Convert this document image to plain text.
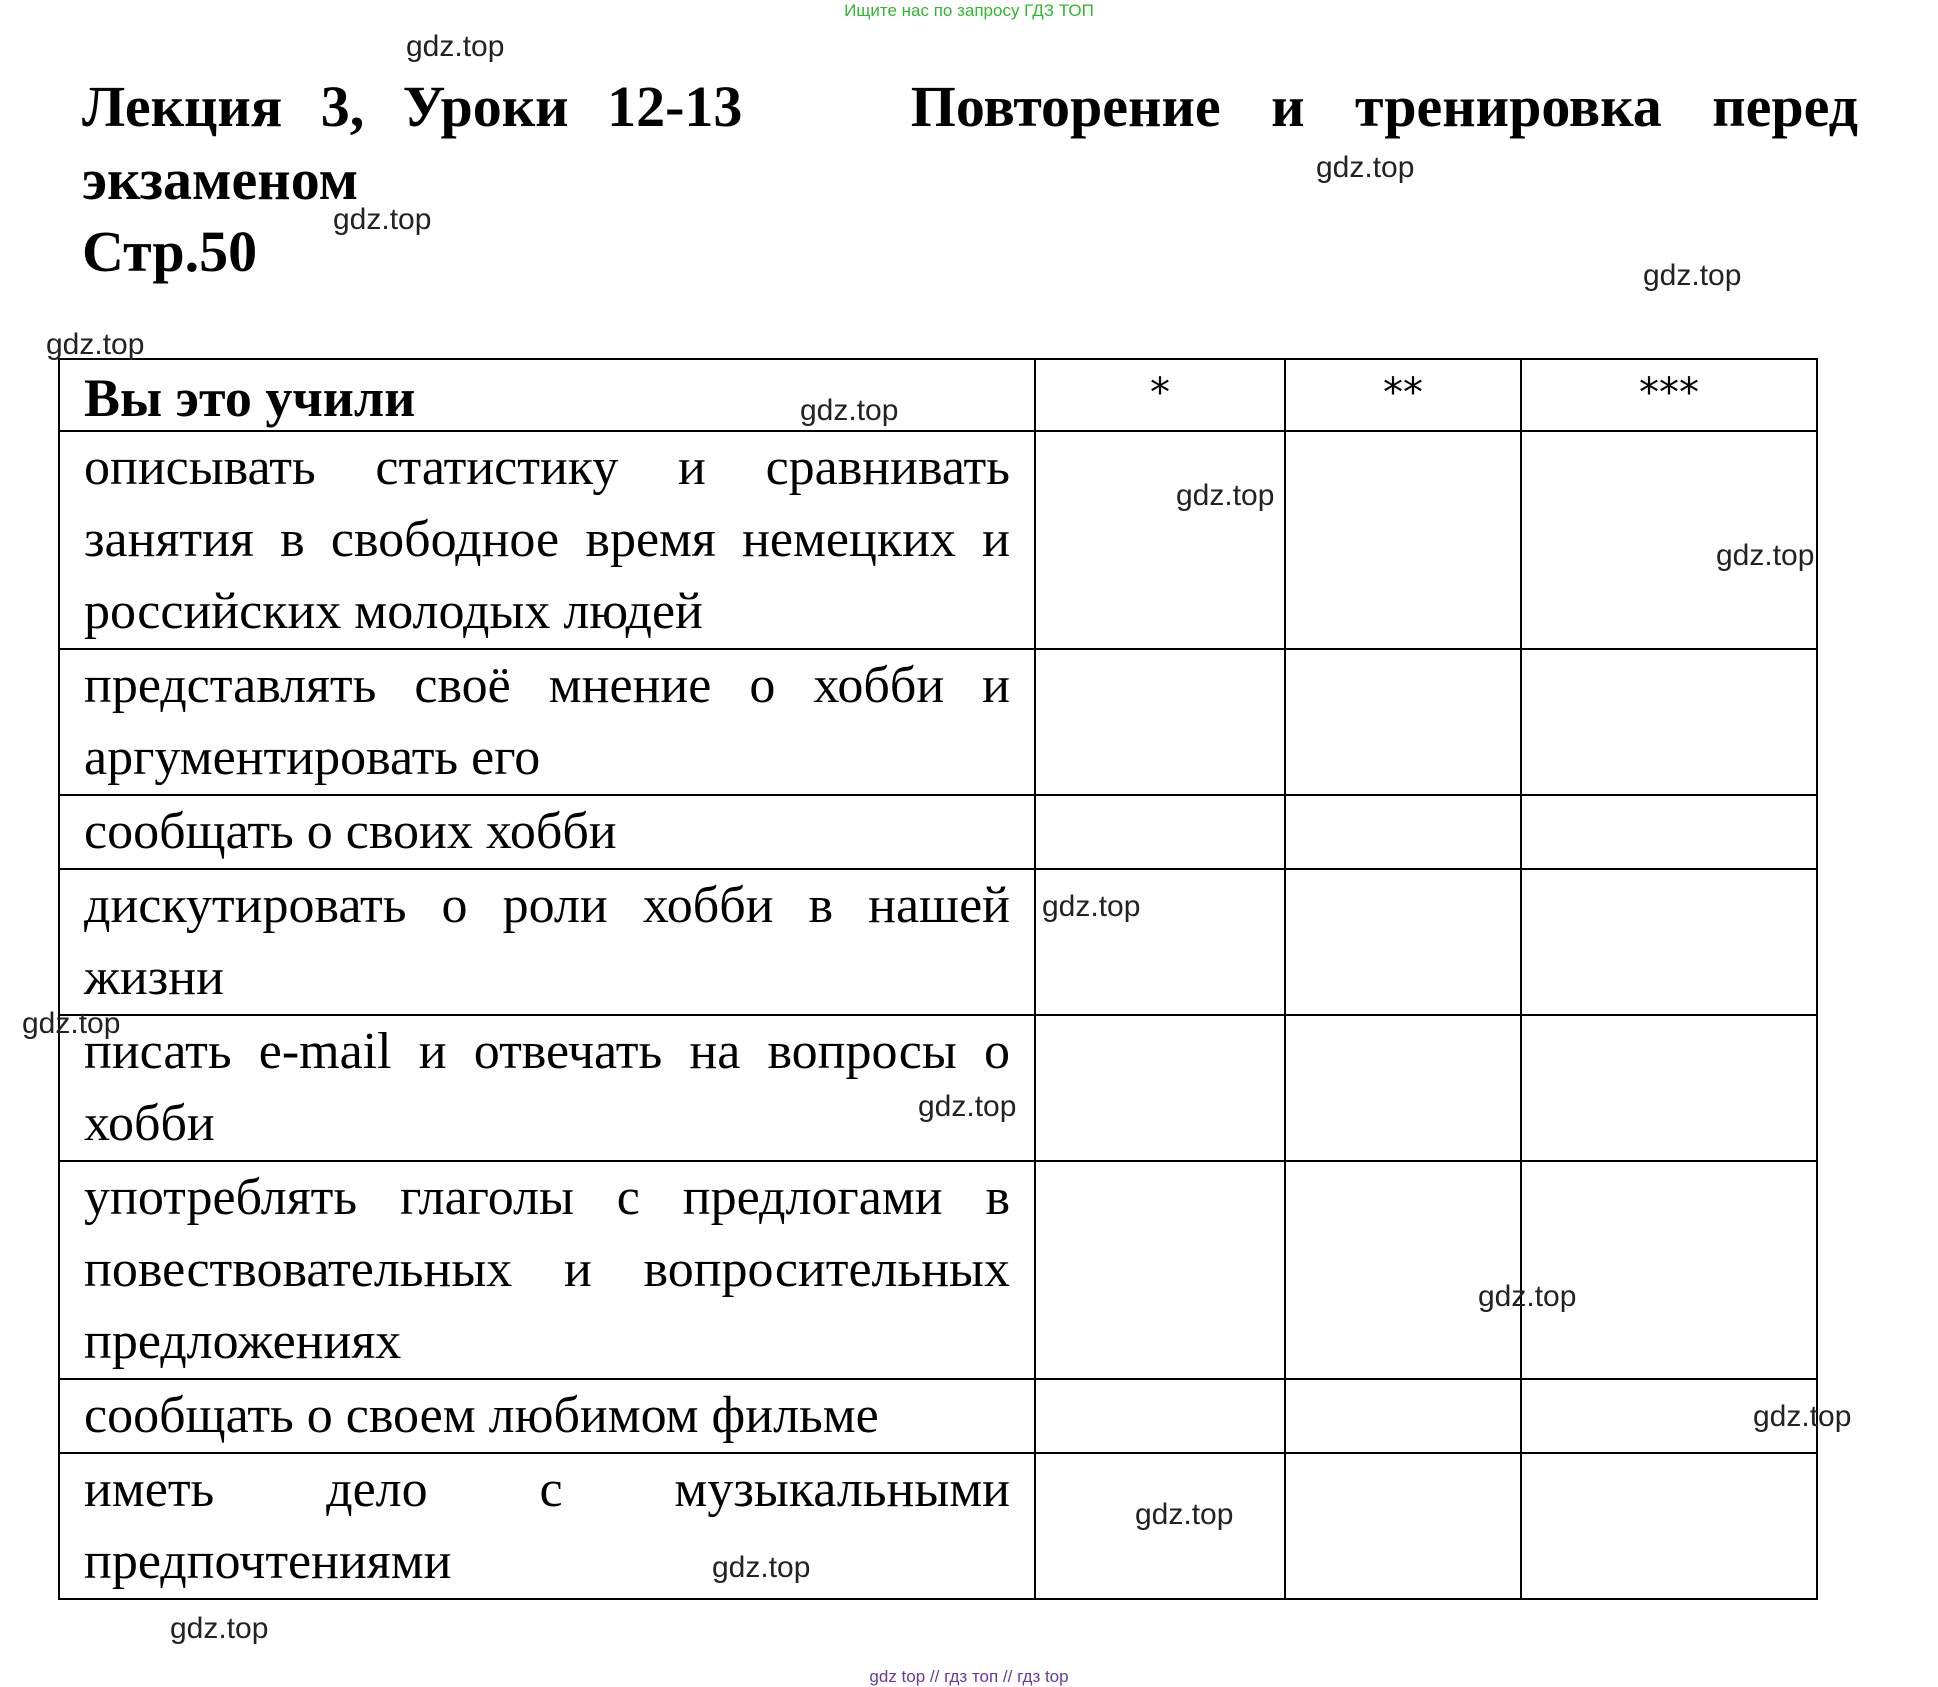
Ищите нас по запросу ГДЗ ТОП
Лекция 3, Уроки 12-13	Повторение и тренировка перед
экзаменом
Стр.50
Вы это учили	*	**	***
описывать статистику и сравнивать занятия в свободное время немецких и российских молодых людей			
представлять своё мнение о хобби и аргументировать его			
сообщать о своих хобби			
дискутировать о роли хобби в нашей жизни			
писать e-mail и отвечать на вопросы о хобби			
употреблять глаголы с предлогами в повествовательных и вопросительных предложениях			
сообщать о своем любимом фильме			
иметь дело с музыкальными предпочтениями			
gdz.top
gdz.top
gdz.top
gdz.top
gdz.top
gdz.top
gdz.top
gdz.top
gdz.top
gdz.top
gdz.top
gdz.top
gdz.top
gdz.top
gdz.top
gdz.top
gdz top // гдз топ // гдз top
